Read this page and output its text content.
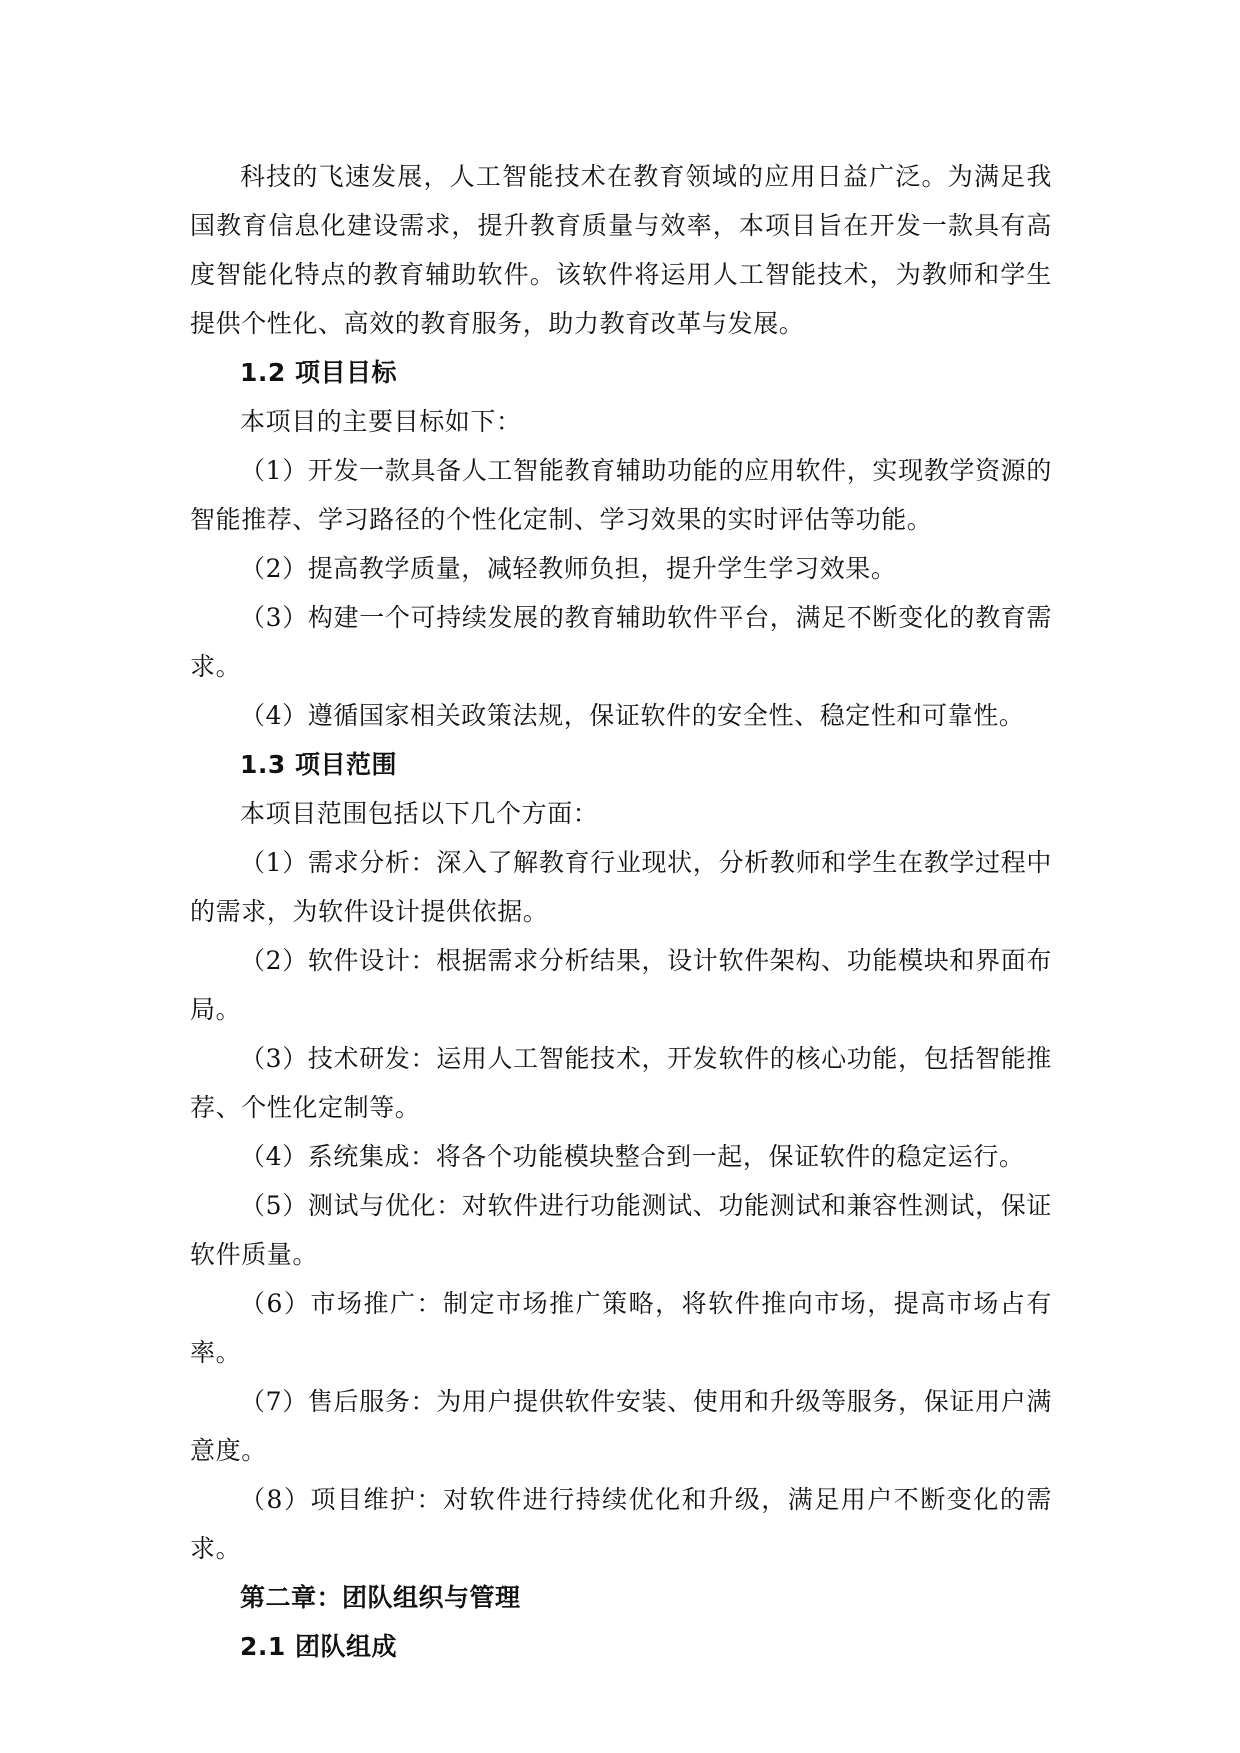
科技的飞速发展，人工智能技术在教育领域的应用日益广泛。为满足我国教育信息化建设需求，提升教育质量与效率，本项目旨在开发一款具有高度智能化特点的教育辅助软件。该软件将运用人工智能技术，为教师和学生提供个性化、高效的教育服务，助力教育改革与发展。

1.2 项目目标

本项目的主要目标如下：

（1）开发一款具备人工智能教育辅助功能的应用软件，实现教学资源的智能推荐、学习路径的个性化定制、学习效果的实时评估等功能。

（2）提高教学质量，减轻教师负担，提升学生学习效果。

（3）构建一个可持续发展的教育辅助软件平台，满足不断变化的教育需求。

（4）遵循国家相关政策法规，保证软件的安全性、稳定性和可靠性。

1.3 项目范围

本项目范围包括以下几个方面：

（1）需求分析：深入了解教育行业现状，分析教师和学生在教学过程中的需求，为软件设计提供依据。

（2）软件设计：根据需求分析结果，设计软件架构、功能模块和界面布局。

（3）技术研发：运用人工智能技术，开发软件的核心功能，包括智能推荐、个性化定制等。

（4）系统集成：将各个功能模块整合到一起，保证软件的稳定运行。

（5）测试与优化：对软件进行功能测试、功能测试和兼容性测试，保证软件质量。

（6）市场推广：制定市场推广策略，将软件推向市场，提高市场占有率。

（7）售后服务：为用户提供软件安装、使用和升级等服务，保证用户满意度。

（8）项目维护：对软件进行持续优化和升级，满足用户不断变化的需求。

第二章：团队组织与管理

2.1 团队组成
